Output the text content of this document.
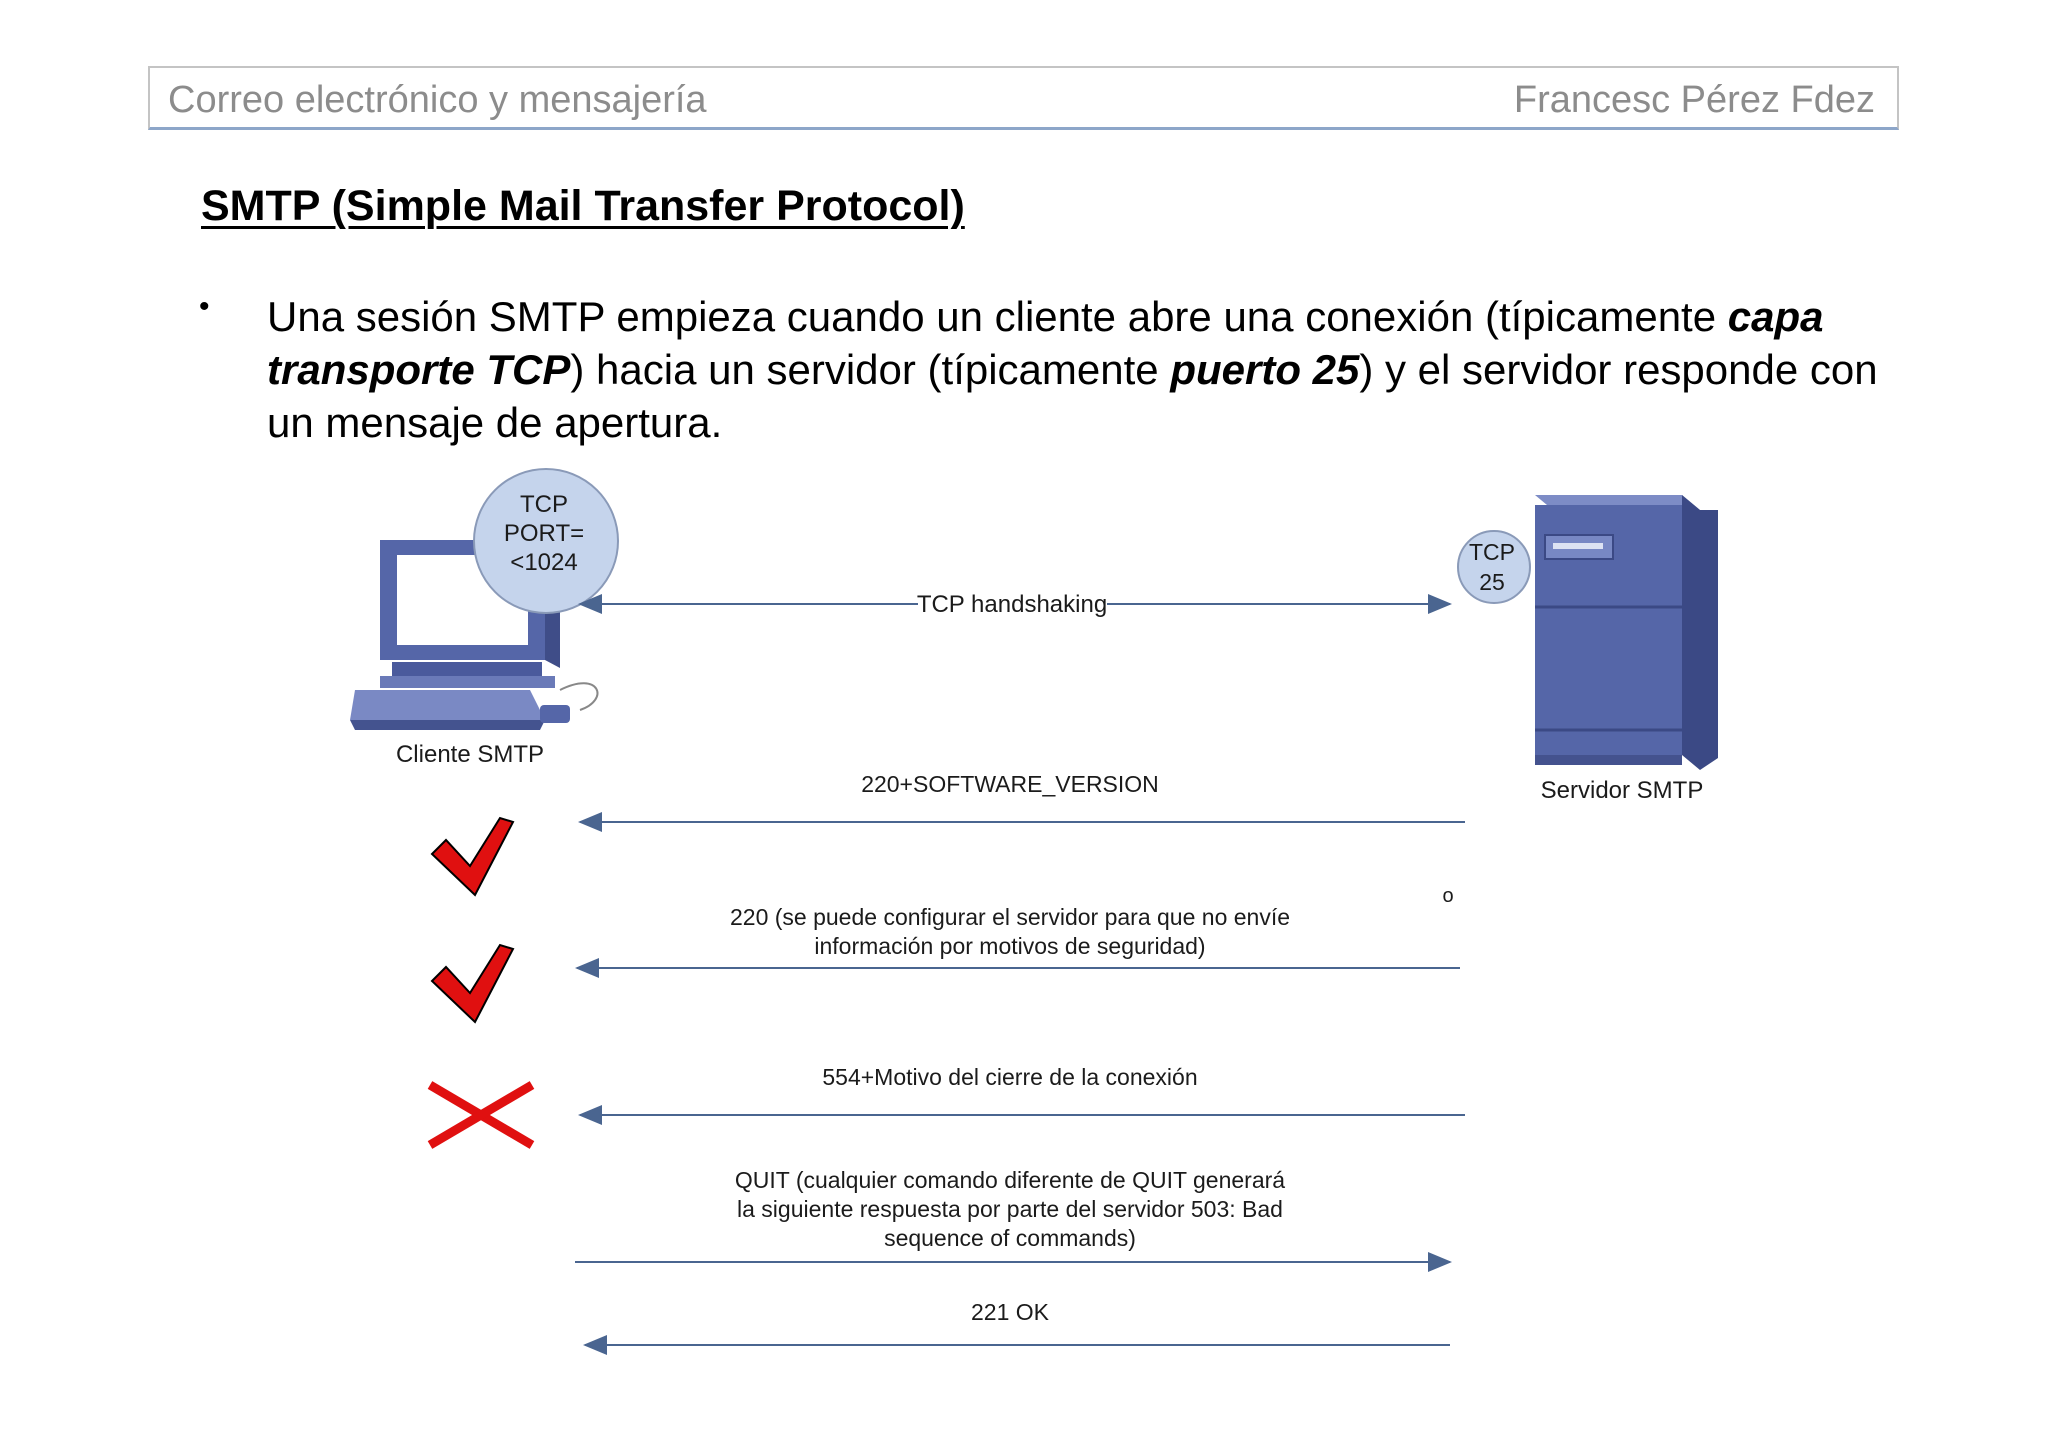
Correo electrónico y mensajería	Francesc Pérez Fdez
SMTP (Simple Mail Transfer Protocol)
• Una sesión SMTP empieza cuando un cliente abre una conexión (típicamente capa transporte TCP) hacia un servidor (típicamente puerto 25) y el servidor responde con un mensaje de apertura.
TCP
PORT=
<1024
Cliente SMTP
TCP
25
Servidor SMTP
TCP handshaking
o
220+SOFTWARE_VERSION
220 (se puede configurar el servidor para que no envíe
información por motivos de seguridad)
554+Motivo del cierre de la conexión
QUIT (cualquier comando diferente de QUIT generará
la siguiente respuesta por parte del servidor 503: Bad
sequence of commands)
221 OK
